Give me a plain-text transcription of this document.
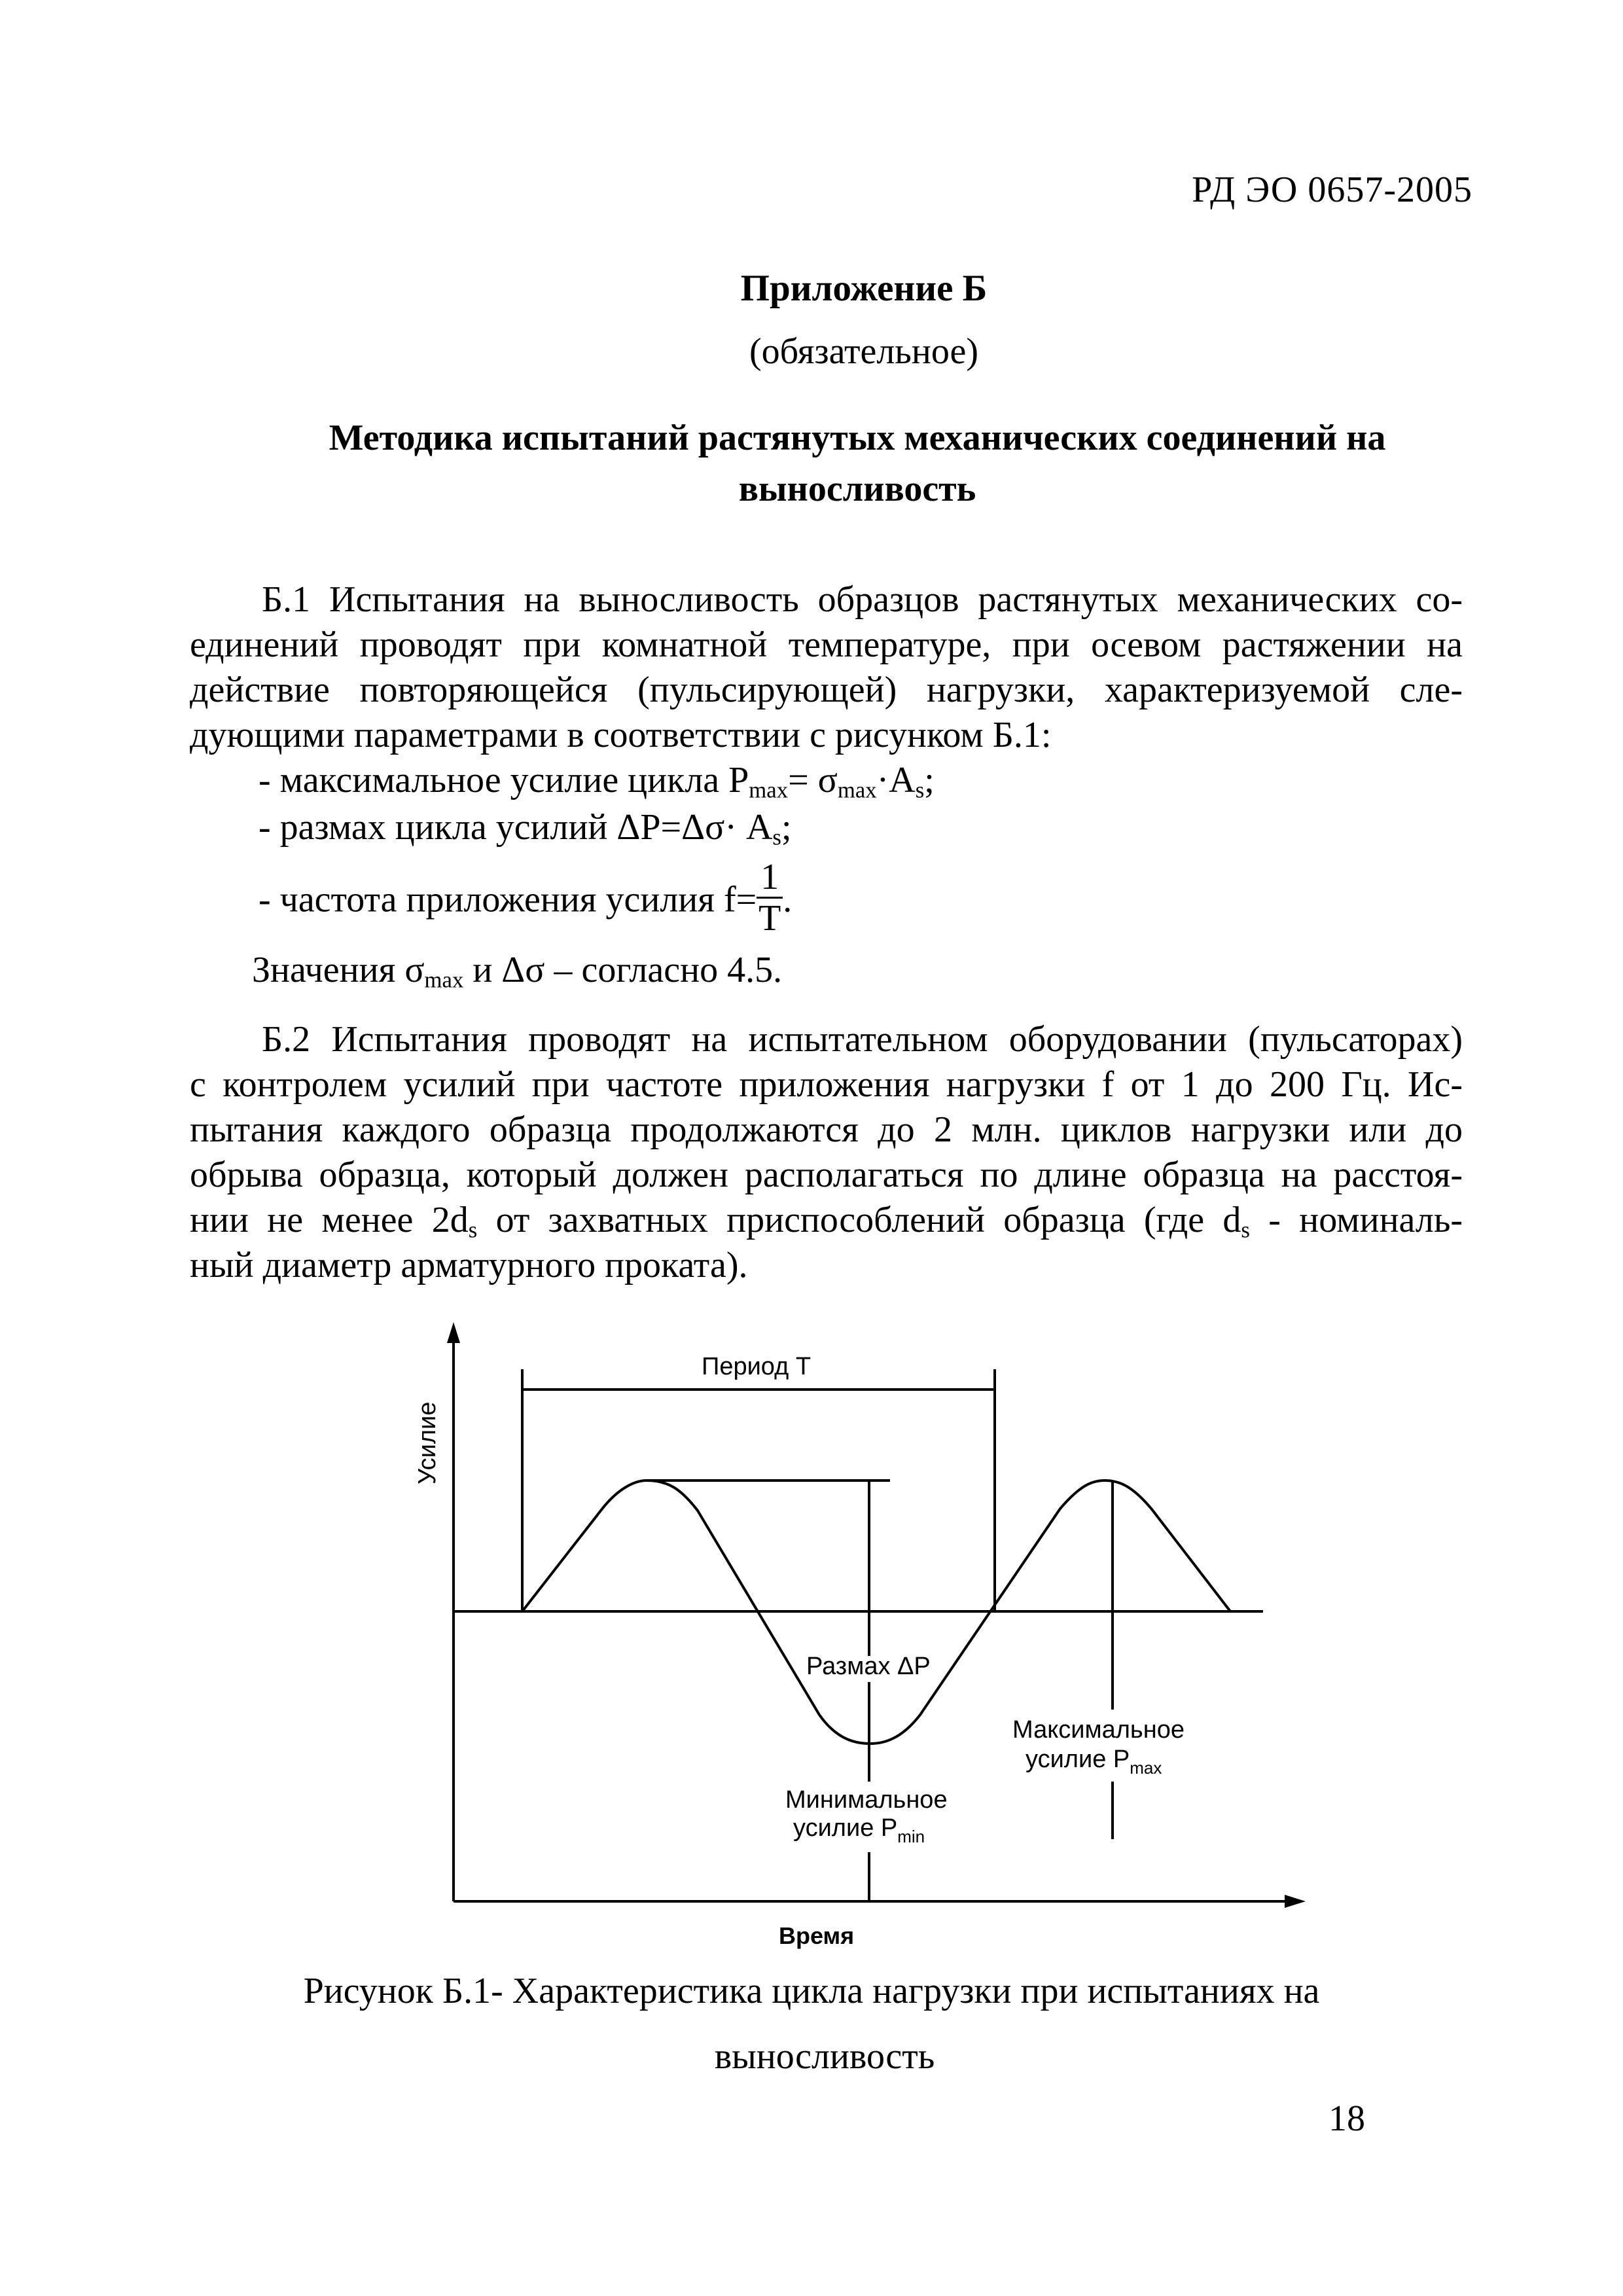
РД ЭО 0657-2005
Приложение Б
(обязательное)
Методика испытаний растянутых механических соединений на
выносливость
Б.1 Испытания на выносливость образцов растянутых механических со-
единений проводят при комнатной температуре, при осевом растяжении на
действие повторяющейся (пульсирующей) нагрузки, характеризуемой сле-
дующими параметрами в соответствии с рисунком Б.1:
- максимальное усилие цикла $P_{max}= \sigma_{max}\cdot A_s$;
- размах цикла усилий $\Delta P=\Delta\sigma\cdot A_s$;
- частота приложения усилия $f= \frac{1}{T}$ .
Значения $\sigma_{max}$ и Δσ – согласно 4.5.
Б.2 Испытания проводят на испытательном оборудовании (пульсаторах)
с контролем усилий при частоте приложения нагрузки f от 1 до 200 Гц. Ис-
пытания каждого образца продолжаются до 2 млн. циклов нагрузки или до
обрыва образца, который должен располагаться по длине образца на расстоя-
нии не менее $2d_s$ от захватных приспособлений образца (где $d_s$ - номиналь-
ный диаметр арматурного проката).
Усилие
Период Т
Размах ΔP
Минимальное
усилие $P_{min}$
Максимальное
усилие $P_{max}$
Время
Рисунок Б.1- Характеристика цикла нагрузки при испытаниях на
выносливость
18
